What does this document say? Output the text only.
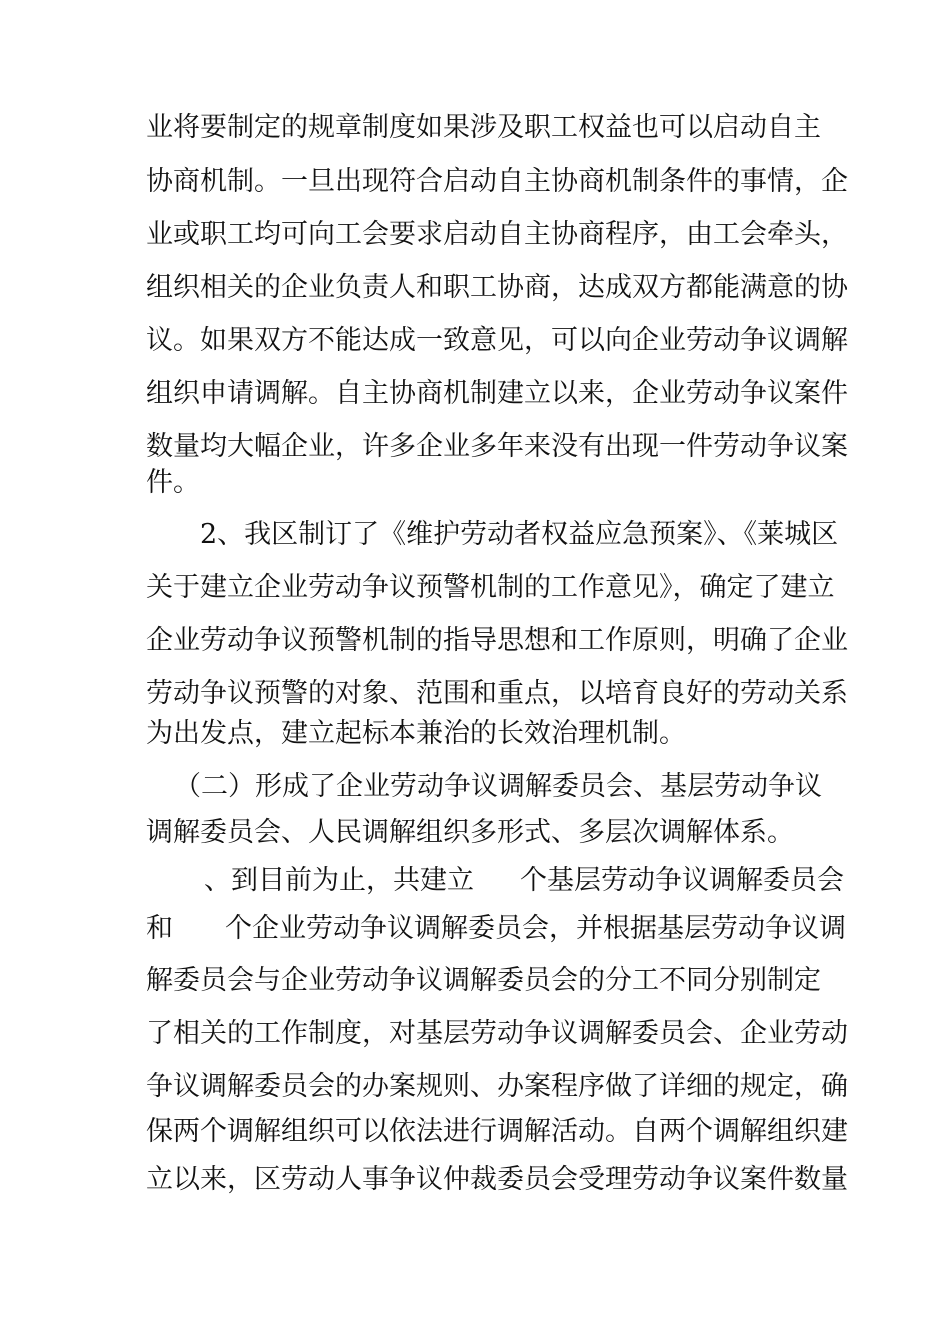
业将要制定的规章制度如果涉及职工权益也可以启动自主
协商机制。一旦出现符合启动自主协商机制条件的事情，企
业或职工均可向工会要求启动自主协商程序，由工会牵头，
组织相关的企业负责人和职工协商，达成双方都能满意的协
议。如果双方不能达成一致意见，可以向企业劳动争议调解
组织申请调解。自主协商机制建立以来，企业劳动争议案件
数量均大幅企业，许多企业多年来没有出现一件劳动争议案
件。
2、我区制订了《维护劳动者权益应急预案》、《莱城区
关于建立企业劳动争议预警机制的工作意见》，确定了建立
企业劳动争议预警机制的指导思想和工作原则，明确了企业
劳动争议预警的对象、范围和重点，以培育良好的劳动关系
为出发点，建立起标本兼治的长效治理机制。
（二）形成了企业劳动争议调解委员会、基层劳动争议
调解委员会、人民调解组织多形式、多层次调解体系。
、到目前为止，共建立 个基层劳动争议调解委员会
和 个企业劳动争议调解委员会，并根据基层劳动争议调
解委员会与企业劳动争议调解委员会的分工不同分别制定
了相关的工作制度，对基层劳动争议调解委员会、企业劳动
争议调解委员会的办案规则、办案程序做了详细的规定，确
保两个调解组织可以依法进行调解活动。自两个调解组织建
立以来，区劳动人事争议仲裁委员会受理劳动争议案件数量
